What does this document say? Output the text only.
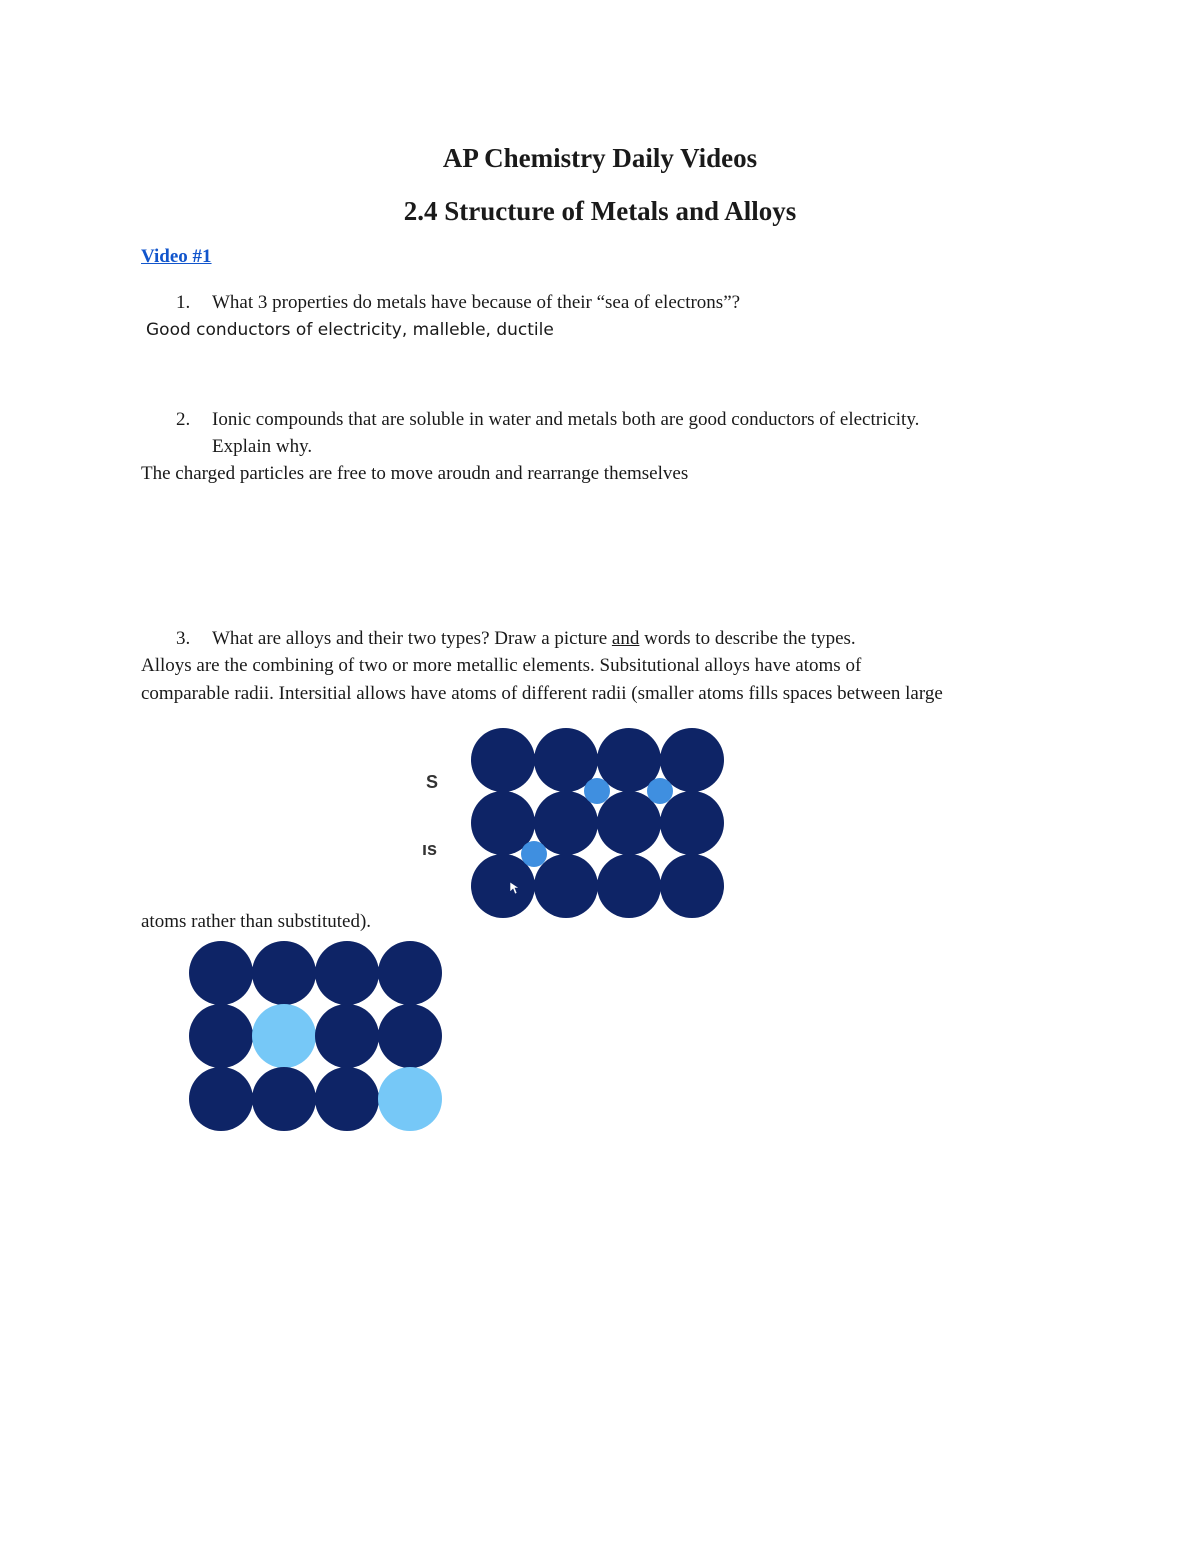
AP Chemistry Daily Videos
2.4 Structure of Metals and Alloys
Video #1
1. What 3 properties do metals have because of their “sea of electrons”?
Good conductors of electricity, malleble, ductile
2. Ionic compounds that are soluble in water and metals both are good conductors of electricity.
Explain why.
The charged particles are free to move aroudn and rearrange themselves
3. What are alloys and their two types? Draw a picture and words to describe the types.
Alloys are the combining of two or more metallic elements. Subsitutional alloys have atoms of
comparable radii. Intersitial allows have atoms of different radii (smaller atoms fills spaces between large
atoms rather than substituted).
S
ıs
